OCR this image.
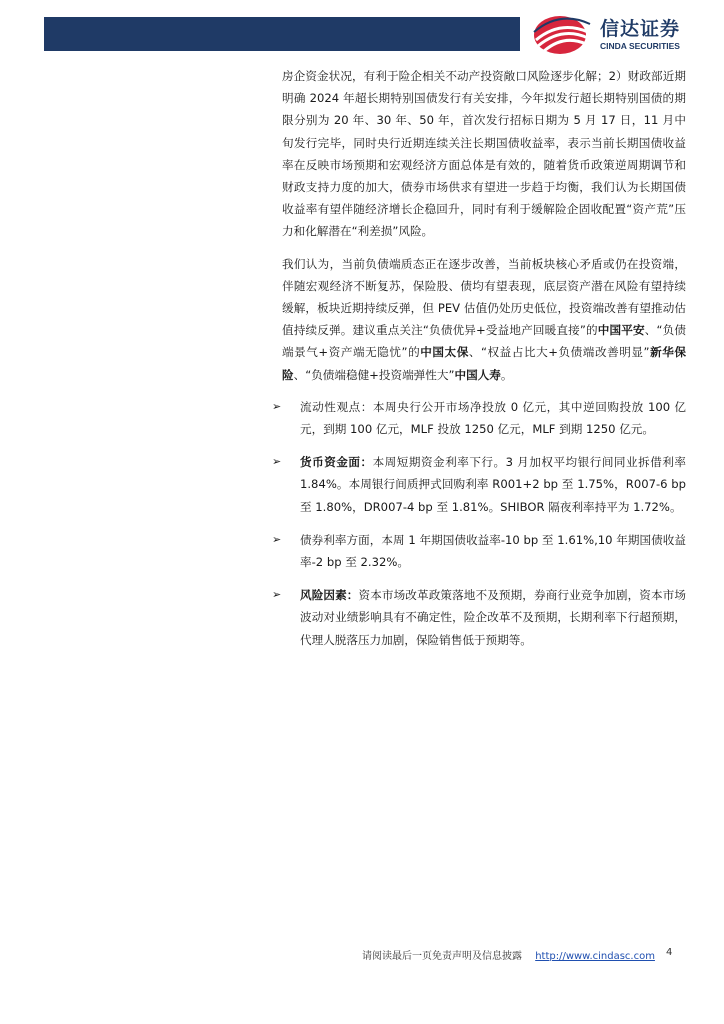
信达证券
CINDA SECURITIES

房企资金状况，有利于险企相关不动产投资敞口风险逐步化解；2）财政部近期明确 2024 年超长期特别国债发行有关安排，今年拟发行超长期特别国债的期限分别为 20 年、30 年、50 年，首次发行招标日期为 5 月 17 日，11 月中旬发行完毕，同时央行近期连续关注长期国债收益率，表示当前长期国债收益率在反映市场预期和宏观经济方面总体是有效的，随着货币政策逆周期调节和财政支持力度的加大，债券市场供求有望进一步趋于均衡，我们认为长期国债收益率有望伴随经济增长企稳回升，同时有利于缓解险企固收配置“资产荒”压力和化解潜在“利差损”风险。

我们认为，当前负债端质态正在逐步改善，当前板块核心矛盾或仍在投资端，伴随宏观经济不断复苏，保险股、债均有望表现，底层资产潜在风险有望持续缓解，板块近期持续反弹，但 PEV 估值仍处历史低位，投资端改善有望推动估值持续反弹。建议重点关注“负债优异+受益地产回暖直接”的中国平安、“负债端景气+资产端无隐忧”的中国太保、“权益占比大+负债端改善明显”新华保险、“负债端稳健+投资端弹性大”中国人寿。

➢ 流动性观点：本周央行公开市场净投放 0 亿元，其中逆回购投放 100 亿元，到期 100 亿元，MLF 投放 1250 亿元，MLF 到期 1250 亿元。
➢ 货币资金面：本周短期资金利率下行。3 月加权平均银行间同业拆借利率 1.84%。本周银行间质押式回购利率 R001+2 bp 至 1.75%，R007-6 bp 至 1.80%，DR007-4 bp 至 1.81%。SHIBOR 隔夜利率持平为 1.72%。
➢ 债券利率方面，本周 1 年期国债收益率-10 bp 至 1.61%,10 年期国债收益率-2 bp 至 2.32%。
➢ 风险因素：资本市场改革政策落地不及预期，券商行业竞争加剧，资本市场波动对业绩影响具有不确定性，险企改革不及预期，长期利率下行超预期，代理人脱落压力加剧，保险销售低于预期等。
请阅读最后一页免责声明及信息披露 http://www.cindasc.com 4
